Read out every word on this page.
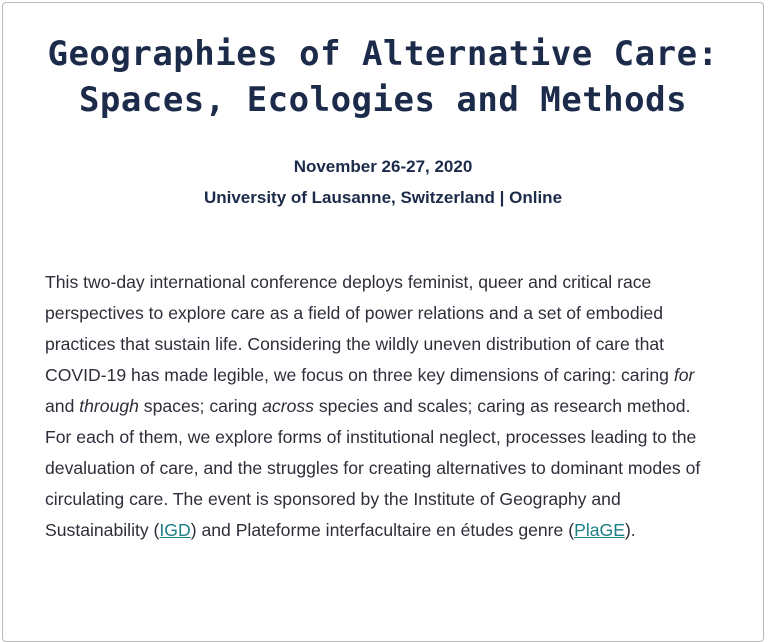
Geographies of Alternative Care: Spaces, Ecologies and Methods
November 26-27, 2020
University of Lausanne, Switzerland | Online

This two-day international conference deploys feminist, queer and critical race perspectives to explore care as a field of power relations and a set of embodied practices that sustain life. Considering the wildly uneven distribution of care that COVID-19 has made legible, we focus on three key dimensions of caring: caring for and through spaces; caring across species and scales; caring as research method. For each of them, we explore forms of institutional neglect, processes leading to the devaluation of care, and the struggles for creating alternatives to dominant modes of circulating care. The event is sponsored by the Institute of Geography and Sustainability (IGD) and Plateforme interfacultaire en études genre (PlaGE).
